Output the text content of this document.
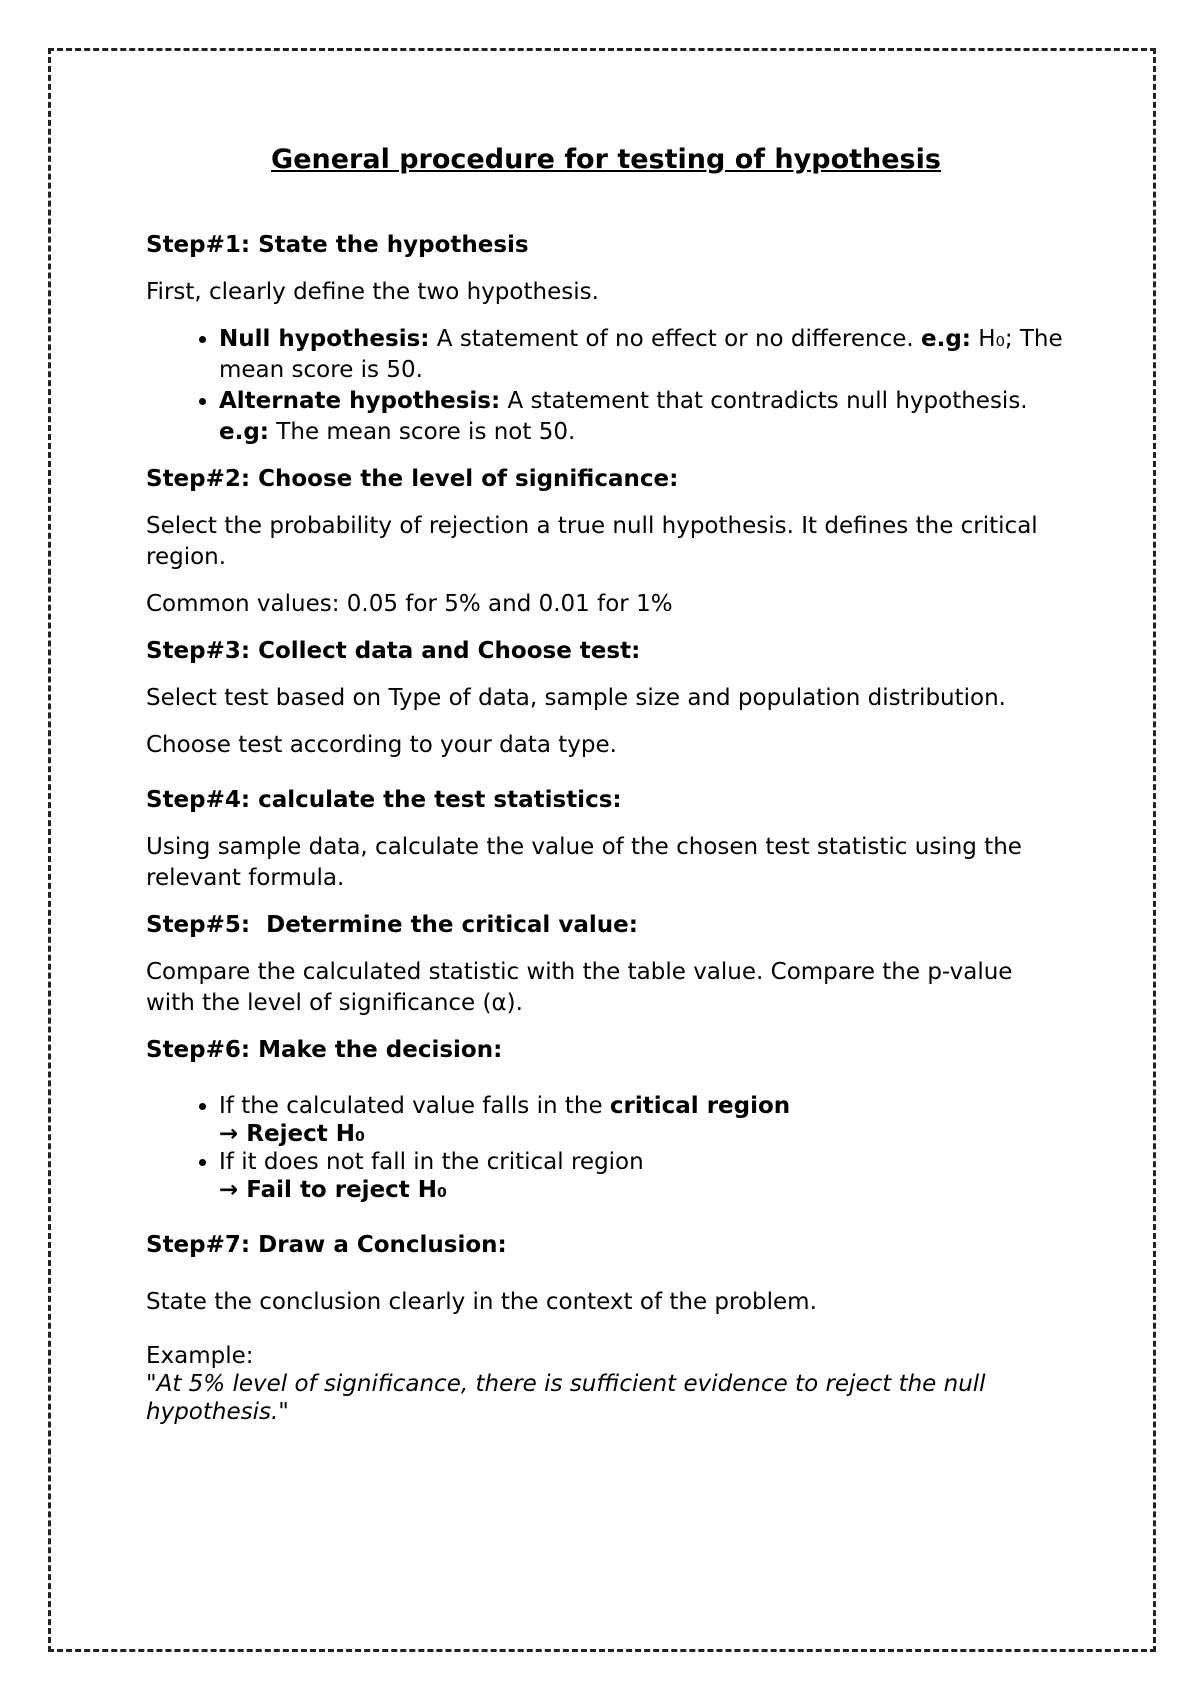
General procedure for testing of hypothesis
Step#1: State the hypothesis

First, clearly define the two hypothesis.

• Null hypothesis: A statement of no effect or no difference. e.g: H₀; The mean score is 50.
• Alternate hypothesis: A statement that contradicts null hypothesis. e.g: The mean score is not 50.
Step#2: Choose the level of significance:

Select the probability of rejection a true null hypothesis. It defines the critical region.

Common values: 0.05 for 5% and 0.01 for 1%

Step#3: Collect data and Choose test:

Select test based on Type of data, sample size and population distribution.

Choose test according to your data type.

Step#4: calculate the test statistics:

Using sample data, calculate the value of the chosen test statistic using the relevant formula.

Step#5:  Determine the critical value:

Compare the calculated statistic with the table value. Compare the p-value with the level of significance (α).

Step#6: Make the decision:
• If the calculated value falls in the critical region
→ Reject H₀
• If it does not fall in the critical region
→ Fail to reject H₀
Step#7: Draw a Conclusion:

State the conclusion clearly in the context of the problem.

Example:
"At 5% level of significance, there is sufficient evidence to reject the null hypothesis."
